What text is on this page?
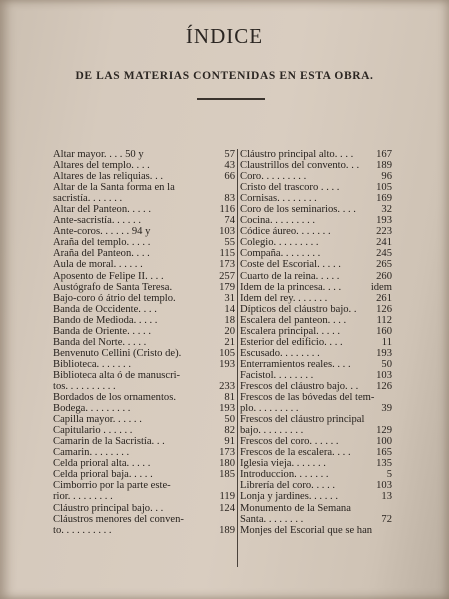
ÍNDICE
DE LAS MATERIAS CONTENIDAS EN ESTA OBRA.
Altar mayor. . . . 50 y	57
Altares del templo. . . .	43
Altares de las reliquias. . .	66
Altar de la Santa forma en la
sacristía. . . . . . .	83
Altar del Panteon. . . . .	116
Ante-sacristía. . . . . .	74
Ante-coros. . . . . . 94 y	103
Araña del templo. . . . .	55
Araña del Panteon. . . .	115
Aula de moral. . . . . .	173
Aposento de Felipe II. . . .	257
Austógrafo de Santa Teresa.	179
Bajo-coro ó átrio del templo.	31
Banda de Occidente. . . .	14
Bando de Medioda. . . . .	18
Banda de Oriente. . . . .	20
Banda del Norte. . . . .	21
Benvenuto Cellini (Cristo de).	105
Biblioteca. . . . . . .	193
Biblioteca alta ó de manuscri-
tos. . . . . . . . . .	233
Bordados de los ornamentos.	81
Bodega. . . . . . . . .	193
Capilla mayor. . . . . .	50
Capitulario . . . . . .	82
Camarin de la Sacristía. . .	91
Camarin. . . . . . . .	173
Celda prioral alta. . . . .	180
Celda prioral baja. . . . .	185
Cimborrio por la parte este-
rior. . . . . . . . .	119
Cláustro principal bajo. . .	124
Cláustros menores del conven-
to. . . . . . . . . .	189
Cláustro principal alto. . . .	167
Claustrillos del convento. . .	189
Coro. . . . . . . . .	96
Cristo del trascoro . . . .	105
Cornisas. . . . . . . .	169
Coro de los seminarios. . . .	32
Cocina. . . . . . . . .	193
Códice áureo. . . . . . .	223
Colegio. . . . . . . . .	241
Compaña. . . . . . . .	245
Coste del Escorial. . . . .	265
Cuarto de la reina. . . . .	260
Idem de la princesa. . . .	idem
Idem del rey. . . . . . .	261
Dípticos del cláustro bajo. .	126
Escalera del panteon. . . .	112
Escalera principal. . . . .	160
Esterior del edificio. . . .	11
Escusado. . . . . . . .	193
Enterramientos reales. . . .	50
Facistol. . . . . . . .	103
Frescos del cláustro bajo. . .	126
Frescos de las bóvedas del tem-
plo. . . . . . . . .	39
Frescos del cláustro principal
bajo. . . . . . . . .	129
Frescos del coro. . . . . .	100
Frescos de la escalera. . . .	165
Iglesia vieja. . . . . . .	135
Introduccion. . . . . . .	5
Librería del coro. . . . .	103
Lonja y jardines. . . . . .	13
Monumento de la Semana
Santa. . . . . . . .	72
Monjes del Escorial que se han
